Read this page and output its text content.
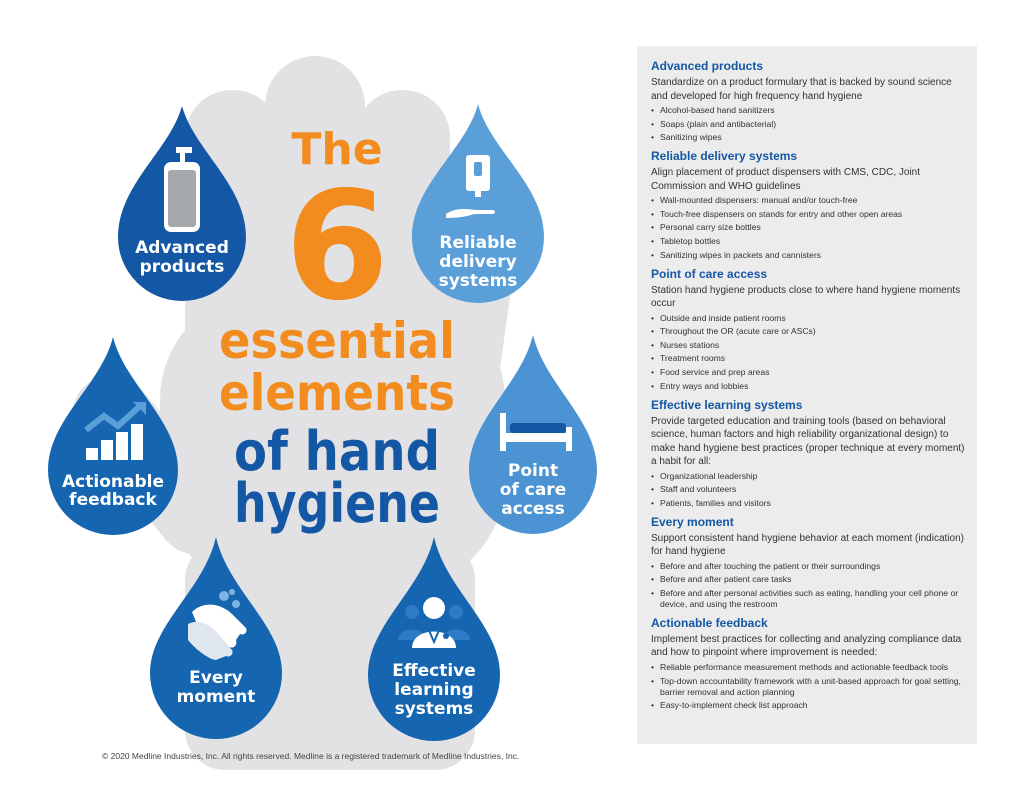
Advanced
products
Reliable
delivery
systems
Actionable
feedback
Point
of care
access
Every
moment
Effective
learning
systems
The
6
essential
elements
of hand
hygiene
Advanced products

Standardize on a product formulary that is backed by sound science and developed for high frequency hand hygiene

• Alcohol-based hand sanitizers
• Soaps (plain and antibacterial)
• Sanitizing wipes
Reliable delivery systems

Align placement of product dispensers with CMS, CDC, Joint Commission and WHO guidelines

• Wall-mounted dispensers: manual and/or touch-free
• Touch-free dispensers on stands for entry and other open areas
• Personal carry size bottles
• Tabletop bottles
• Sanitizing wipes in packets and cannisters
Point of care access

Station hand hygiene products close to where hand hygiene moments occur

• Outside and inside patient rooms
• Throughout the OR (acute care or ASCs)
• Nurses stations
• Treatment rooms
• Food service and prep areas
• Entry ways and lobbies
Effective learning systems

Provide targeted education and training tools (based on behavioral science, human factors and high reliability organizational design) to make hand hygiene best practices (proper technique at every moment) a habit for all:

• Organizational leadership
• Staff and volunteers
• Patients, families and visitors
Every moment

Support consistent hand hygiene behavior at each moment (indication) for hand hygiene

• Before and after touching the patient or their surroundings
• Before and after patient care tasks
• Before and after personal activities such as eating, handling your cell phone or device, and using the restroom
Actionable feedback

Implement best practices for collecting and analyzing compliance data and how to pinpoint where improvement is needed:

• Reliable performance measurement methods and actionable feedback tools
• Top-down accountability framework with a unit-based approach for goal setting, barrier removal and action planning
• Easy-to-implement check list approach
© 2020 Medline Industries, Inc. All rights reserved. Medline is a registered trademark of Medline Industries, Inc.
